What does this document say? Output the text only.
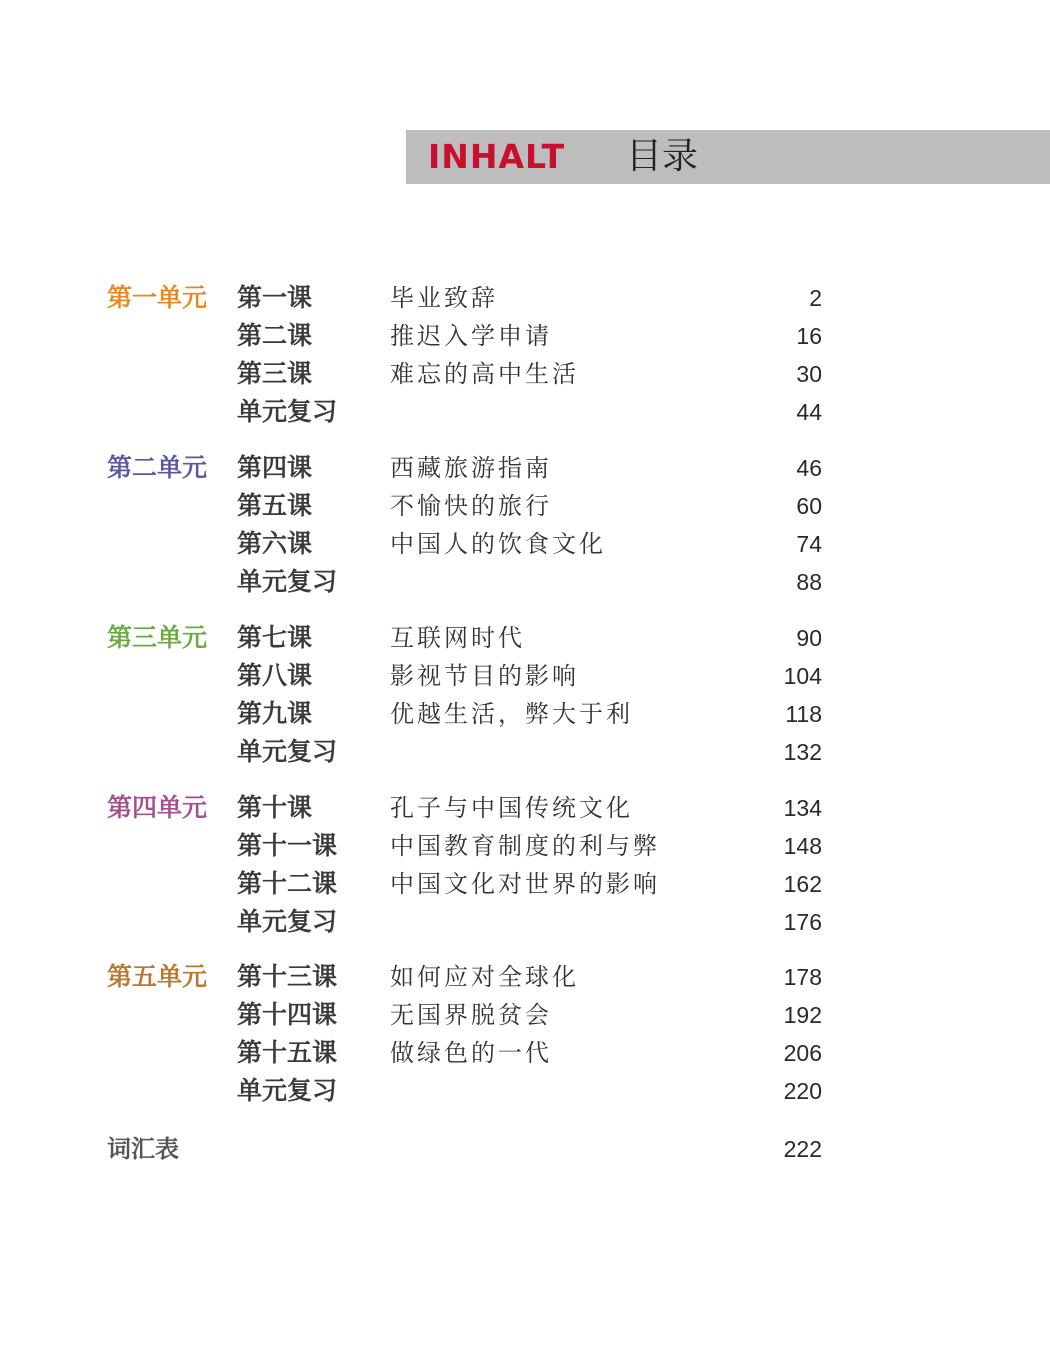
INHALT 目录
第一单元 第一课	毕业致辞	2
第二课	推迟入学申请	16
第三课	难忘的高中生活	30
单元复习	44
第二单元 第四课	西藏旅游指南	46
第五课	不愉快的旅行	60
第六课	中国人的饮食文化	74
单元复习	88
第三单元 第七课	互联网时代	90
第八课	影视节目的影响	104
第九课	优越生活，弊大于利	118
单元复习	132
第四单元 第十课	孔子与中国传统文化	134
第十一课 中国教育制度的利与弊	148
第十二课 中国文化对世界的影响	162
单元复习	176
第五单元 第十三课 如何应对全球化	178
第十四课 无国界脱贫会	192
第十五课 做绿色的一代	206
单元复习	220
词汇表	222
